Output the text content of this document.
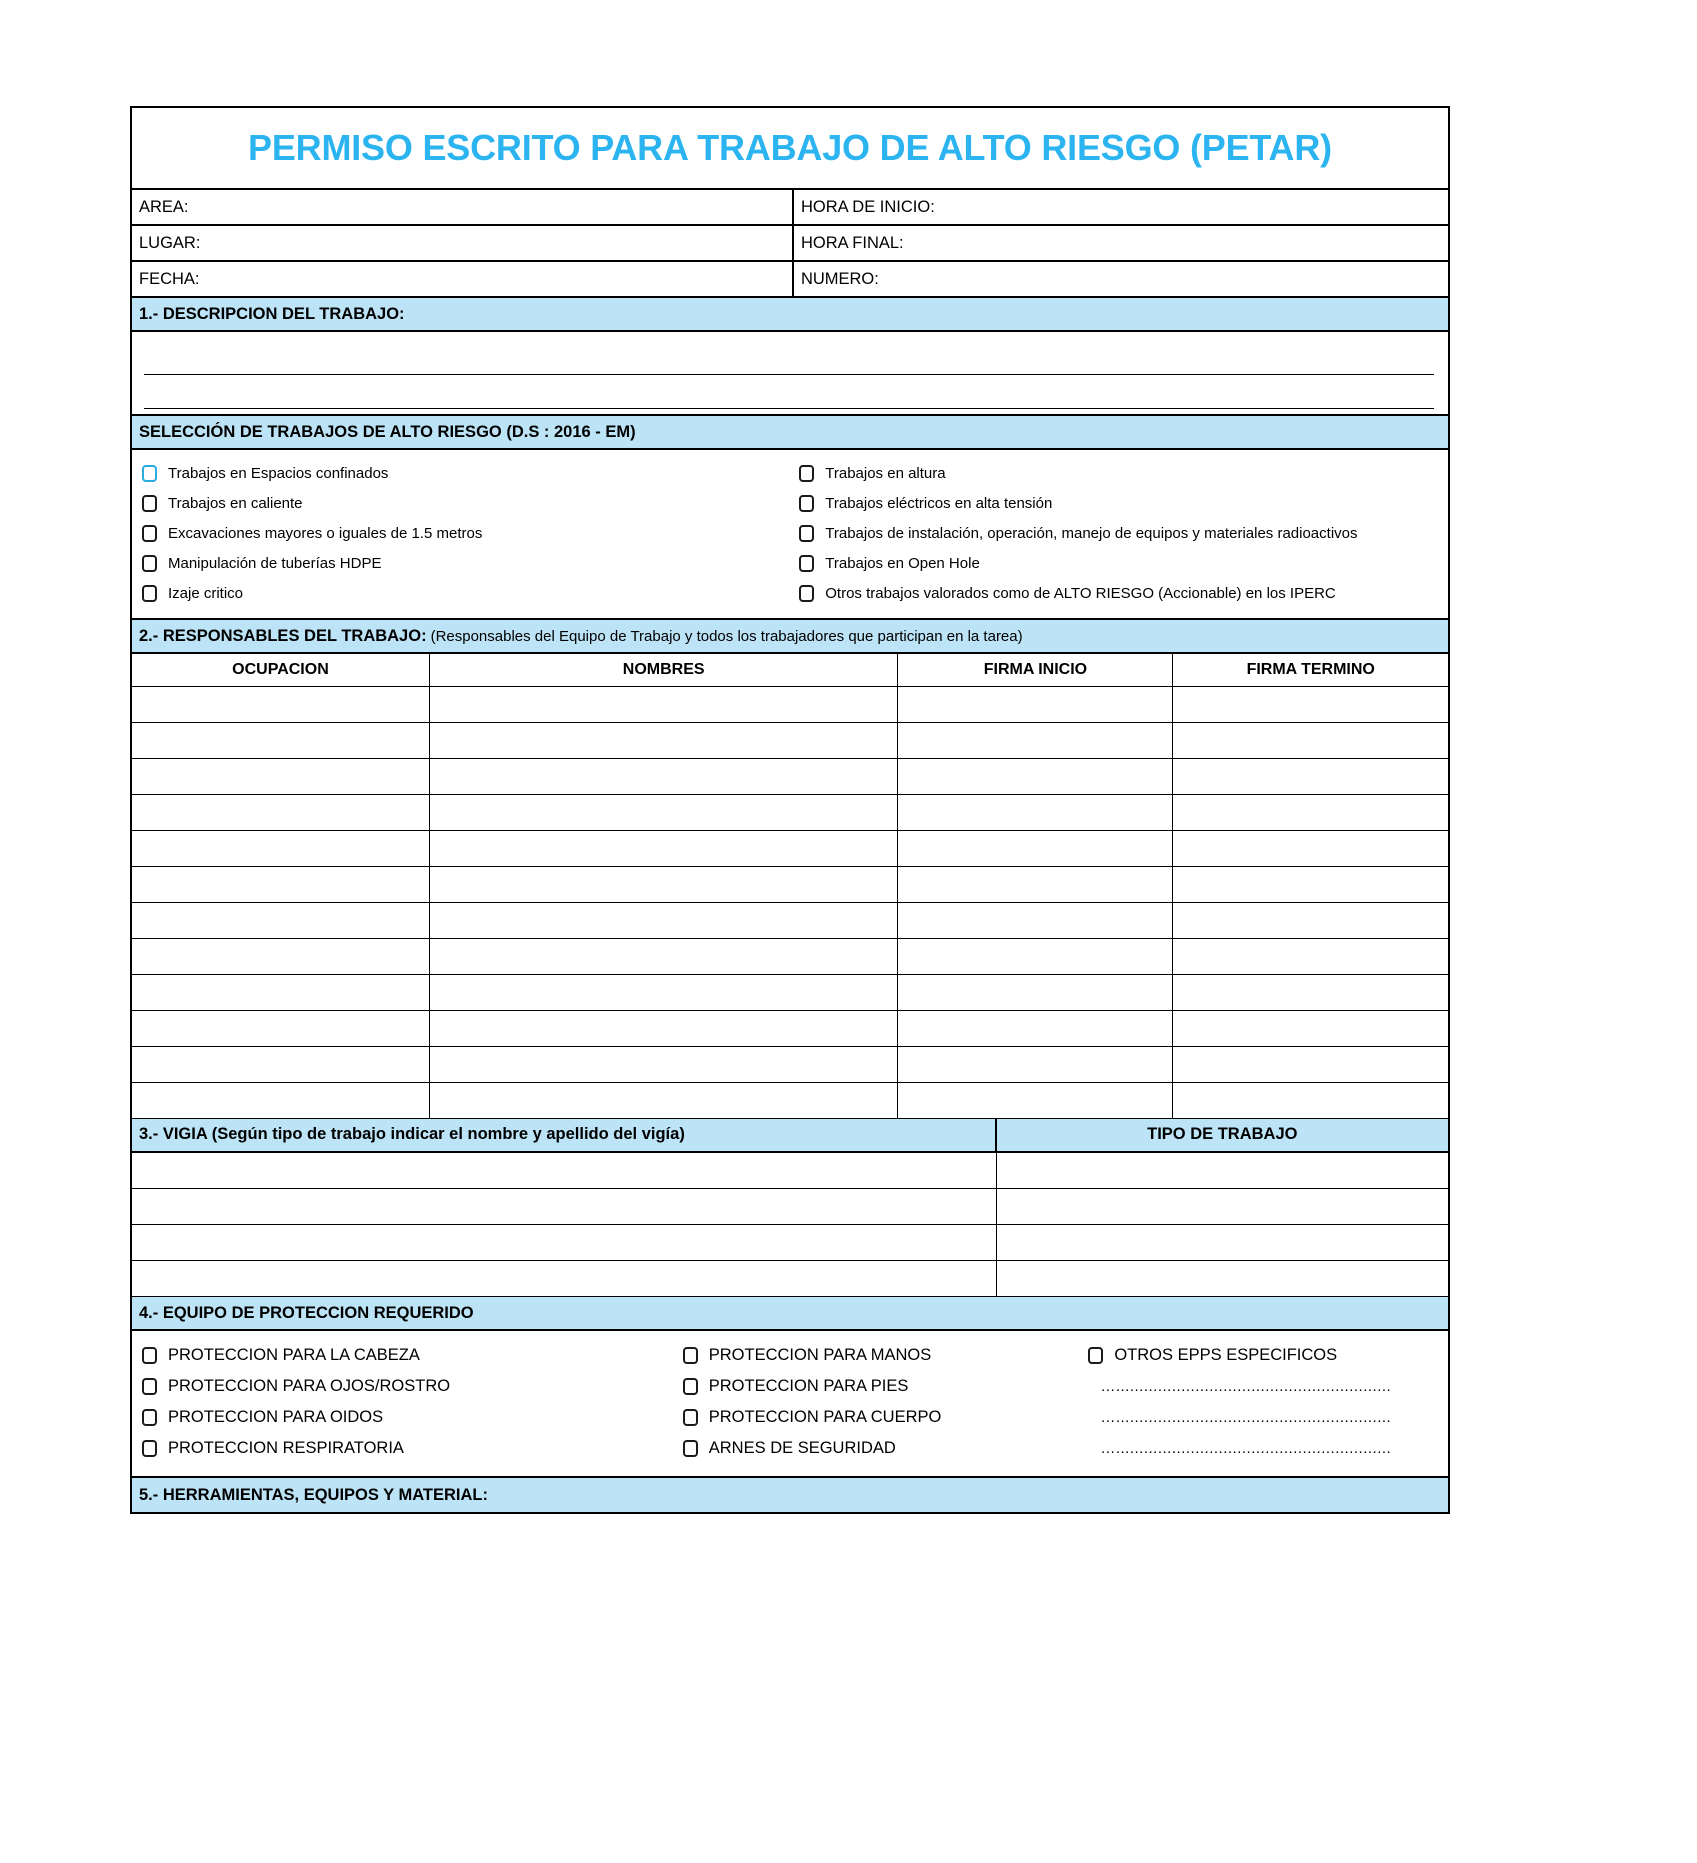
PERMISO ESCRITO PARA TRABAJO DE ALTO RIESGO (PETAR)
AREA:	HORA DE INICIO:
LUGAR:	HORA FINAL:
FECHA:	NUMERO:
1.- DESCRIPCION DEL TRABAJO:
SELECCIÓN DE TRABAJOS DE ALTO RIESGO (D.S : 2016 - EM)
Trabajos en Espacios confinados	Trabajos en altura
Trabajos en caliente	Trabajos eléctricos en alta tensión
Excavaciones mayores o iguales de 1.5 metros	Trabajos de instalación, operación, manejo de equipos y materiales radioactivos
Manipulación de tuberías HDPE	Trabajos en Open Hole
Izaje critico	Otros trabajos valorados como de ALTO RIESGO (Accionable) en los IPERC
2.- RESPONSABLES DEL TRABAJO: (Responsables del Equipo de Trabajo y todos los trabajadores que participan en la tarea)
OCUPACION	NOMBRES	FIRMA INICIO	FIRMA TERMINO

3.- VIGIA (Según tipo de trabajo indicar el nombre y apellido del vigía)	TIPO DE TRABAJO

4.- EQUIPO DE PROTECCION REQUERIDO
PROTECCION PARA LA CABEZA	PROTECCION PARA MANOS	OTROS EPPS ESPECIFICOS
PROTECCION PARA OJOS/ROSTRO	PROTECCION PARA PIES	…...........................................................
PROTECCION PARA OIDOS	PROTECCION PARA CUERPO	…...........................................................
PROTECCION RESPIRATORIA	ARNES DE SEGURIDAD	…...........................................................
5.- HERRAMIENTAS, EQUIPOS Y MATERIAL:
